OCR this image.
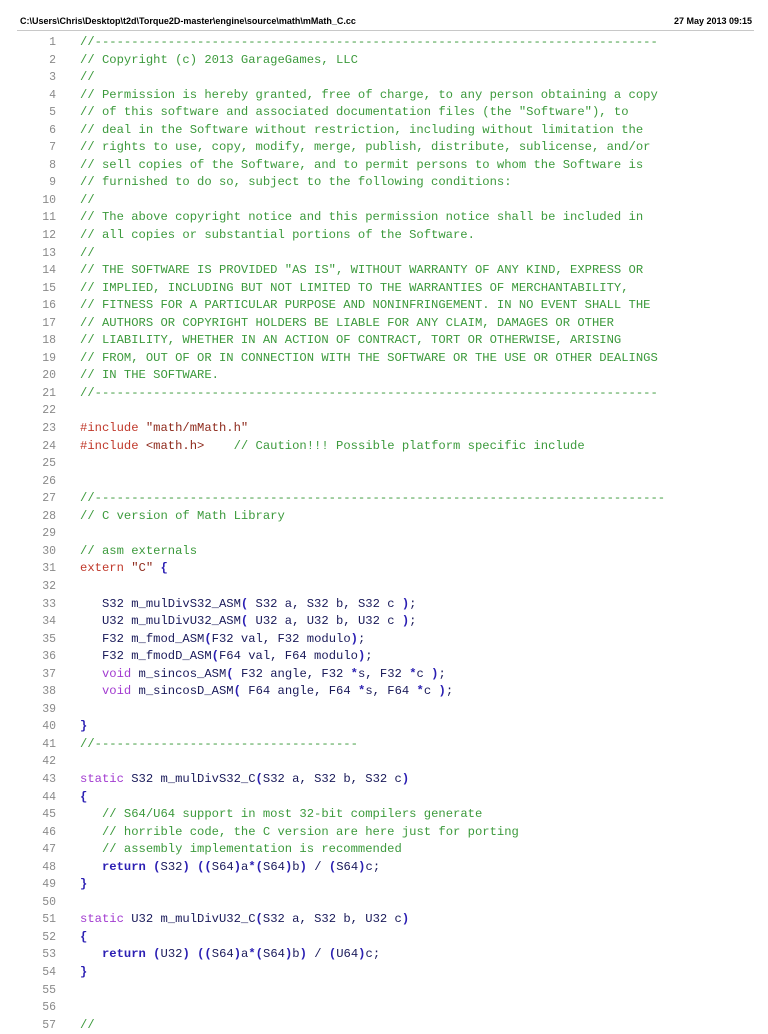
C:\Users\Chris\Desktop\t2d\Torque2D-master\engine\source\math\mMath_C.cc	27 May 2013 09:15
1 //-----------------------------------------------------------------------------
2 // Copyright (c) 2013 GarageGames, LLC
3 //
4 // Permission is hereby granted, free of charge, to any person obtaining a copy
5 // of this software and associated documentation files (the "Software"), to
6 // deal in the Software without restriction, including without limitation the
7 // rights to use, copy, modify, merge, publish, distribute, sublicense, and/or
8 // sell copies of the Software, and to permit persons to whom the Software is
9 // furnished to do so, subject to the following conditions:
10 //
11 // The above copyright notice and this permission notice shall be included in
12 // all copies or substantial portions of the Software.
13 //
14 // THE SOFTWARE IS PROVIDED "AS IS", WITHOUT WARRANTY OF ANY KIND, EXPRESS OR
15 // IMPLIED, INCLUDING BUT NOT LIMITED TO THE WARRANTIES OF MERCHANTABILITY,
16 // FITNESS FOR A PARTICULAR PURPOSE AND NONINFRINGEMENT. IN NO EVENT SHALL THE
17 // AUTHORS OR COPYRIGHT HOLDERS BE LIABLE FOR ANY CLAIM, DAMAGES OR OTHER
18 // LIABILITY, WHETHER IN AN ACTION OF CONTRACT, TORT OR OTHERWISE, ARISING
19 // FROM, OUT OF OR IN CONNECTION WITH THE SOFTWARE OR THE USE OR OTHER DEALINGS
20 // IN THE SOFTWARE.
21 //-----------------------------------------------------------------------------
22
23 #include "math/mMath.h"
24 #include <math.h> // Caution!!! Possible platform specific include
25
26
27 //------------------------------------------------------------------------------
28 // C version of Math Library
29
30 // asm externals
31 extern "C" {
32
33 S32 m_mulDivS32_ASM( S32 a, S32 b, S32 c );
34 U32 m_mulDivU32_ASM( U32 a, U32 b, U32 c );
35 F32 m_fmod_ASM(F32 val, F32 modulo);
36 F32 m_fmodD_ASM(F64 val, F64 modulo);
37	void m_sincos_ASM( F32 angle, F32 *s, F32 *c );
38	void m_sincosD_ASM( F64 angle, F64 *s, F64 *c );
39
40 }
41 //------------------------------------
42
43 static S32 m_mulDivS32_C(S32 a, S32 b, S32 c)
44 {
45	// S64/U64 support in most 32-bit compilers generate
46	// horrible code, the C version are here just for porting
47	// assembly implementation is recommended
48	return (S32) ((S64)a*(S64)b) / (S64)c;
49 }
50
51 static U32 m_mulDivU32_C(S32 a, S32 b, U32 c)
52 {
53	return (U32) ((S64)a*(S64)b) / (U64)c;
54 }
55
56
57 //
